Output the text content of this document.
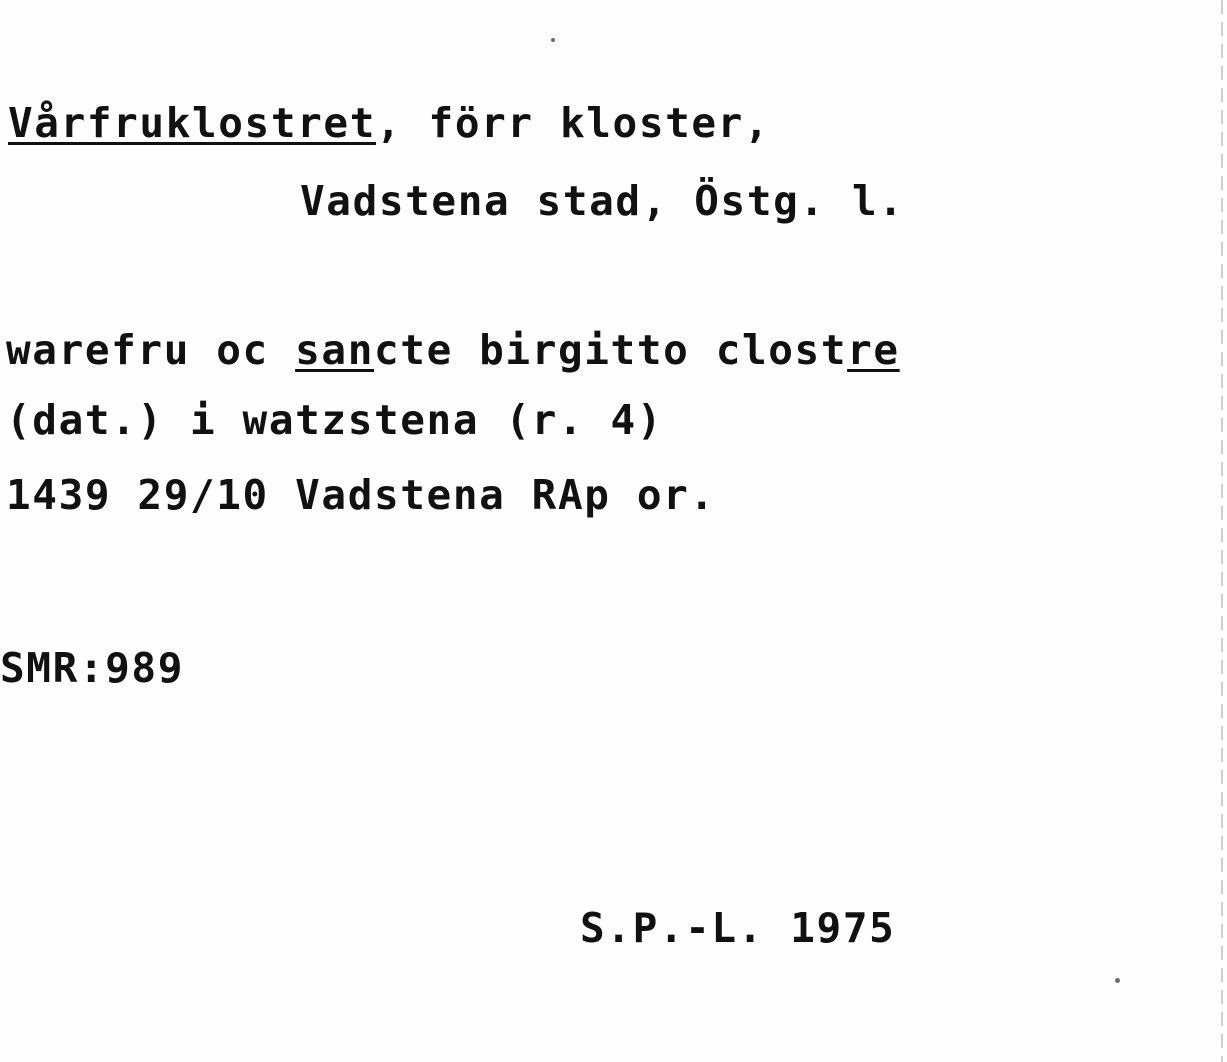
Vårfruklostret, förr kloster,
Vadstena stad, Östg. l.
warefru oc sancte birgitto clostre
(dat.) i watzstena (r. 4)
1439 29/10 Vadstena RAp or.
SMR:989
S.P.-L. 1975
